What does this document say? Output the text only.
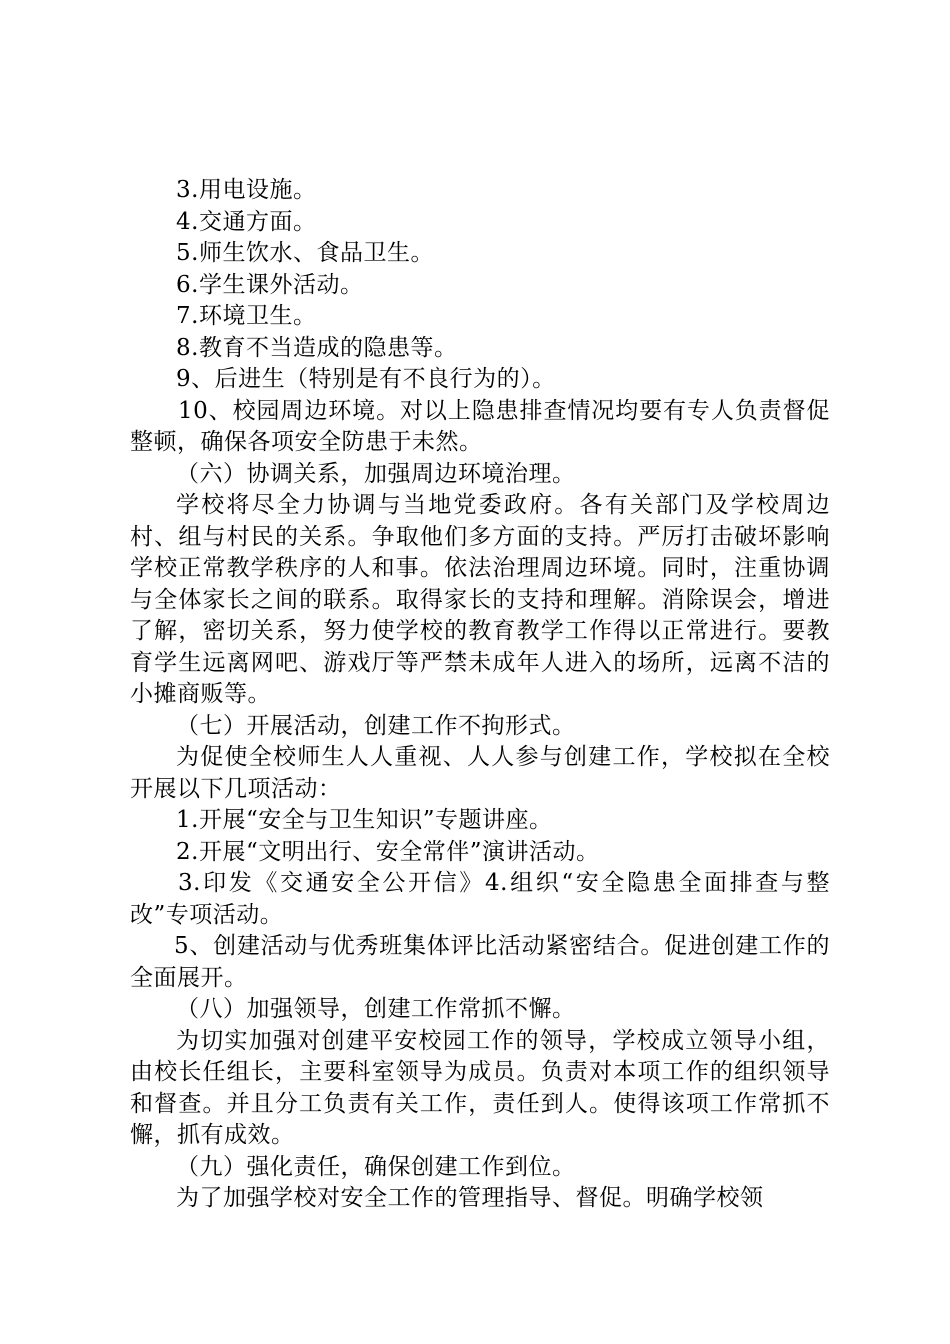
3.用电设施。

4.交通方面。

5.师生饮水、食品卫生。

6.学生课外活动。

7.环境卫生。

8.教育不当造成的隐患等。

9、后进生（特别是有不良行为的）。

10、校园周边环境。对以上隐患排查情况均要有专人负责督促整顿，确保各项安全防患于未然。

（六）协调关系，加强周边环境治理。

学校将尽全力协调与当地党委政府。各有关部门及学校周边村、组与村民的关系。争取他们多方面的支持。严厉打击破坏影响学校正常教学秩序的人和事。依法治理周边环境。同时，注重协调与全体家长之间的联系。取得家长的支持和理解。消除误会，增进了解，密切关系，努力使学校的教育教学工作得以正常进行。要教育学生远离网吧、游戏厅等严禁未成年人进入的场所，远离不洁的小摊商贩等。

（七）开展活动，创建工作不拘形式。

为促使全校师生人人重视、人人参与创建工作，学校拟在全校开展以下几项活动：

1.开展“安全与卫生知识”专题讲座。

2.开展“文明出行、安全常伴”演讲活动。

3.印发《交通安全公开信》4.组织“安全隐患全面排查与整改”专项活动。

5、创建活动与优秀班集体评比活动紧密结合。促进创建工作的全面展开。

（八）加强领导，创建工作常抓不懈。

为切实加强对创建平安校园工作的领导，学校成立领导小组，由校长任组长，主要科室领导为成员。负责对本项工作的组织领导和督查。并且分工负责有关工作，责任到人。使得该项工作常抓不懈，抓有成效。

（九）强化责任，确保创建工作到位。

为了加强学校对安全工作的管理指导、督促。明确学校领
